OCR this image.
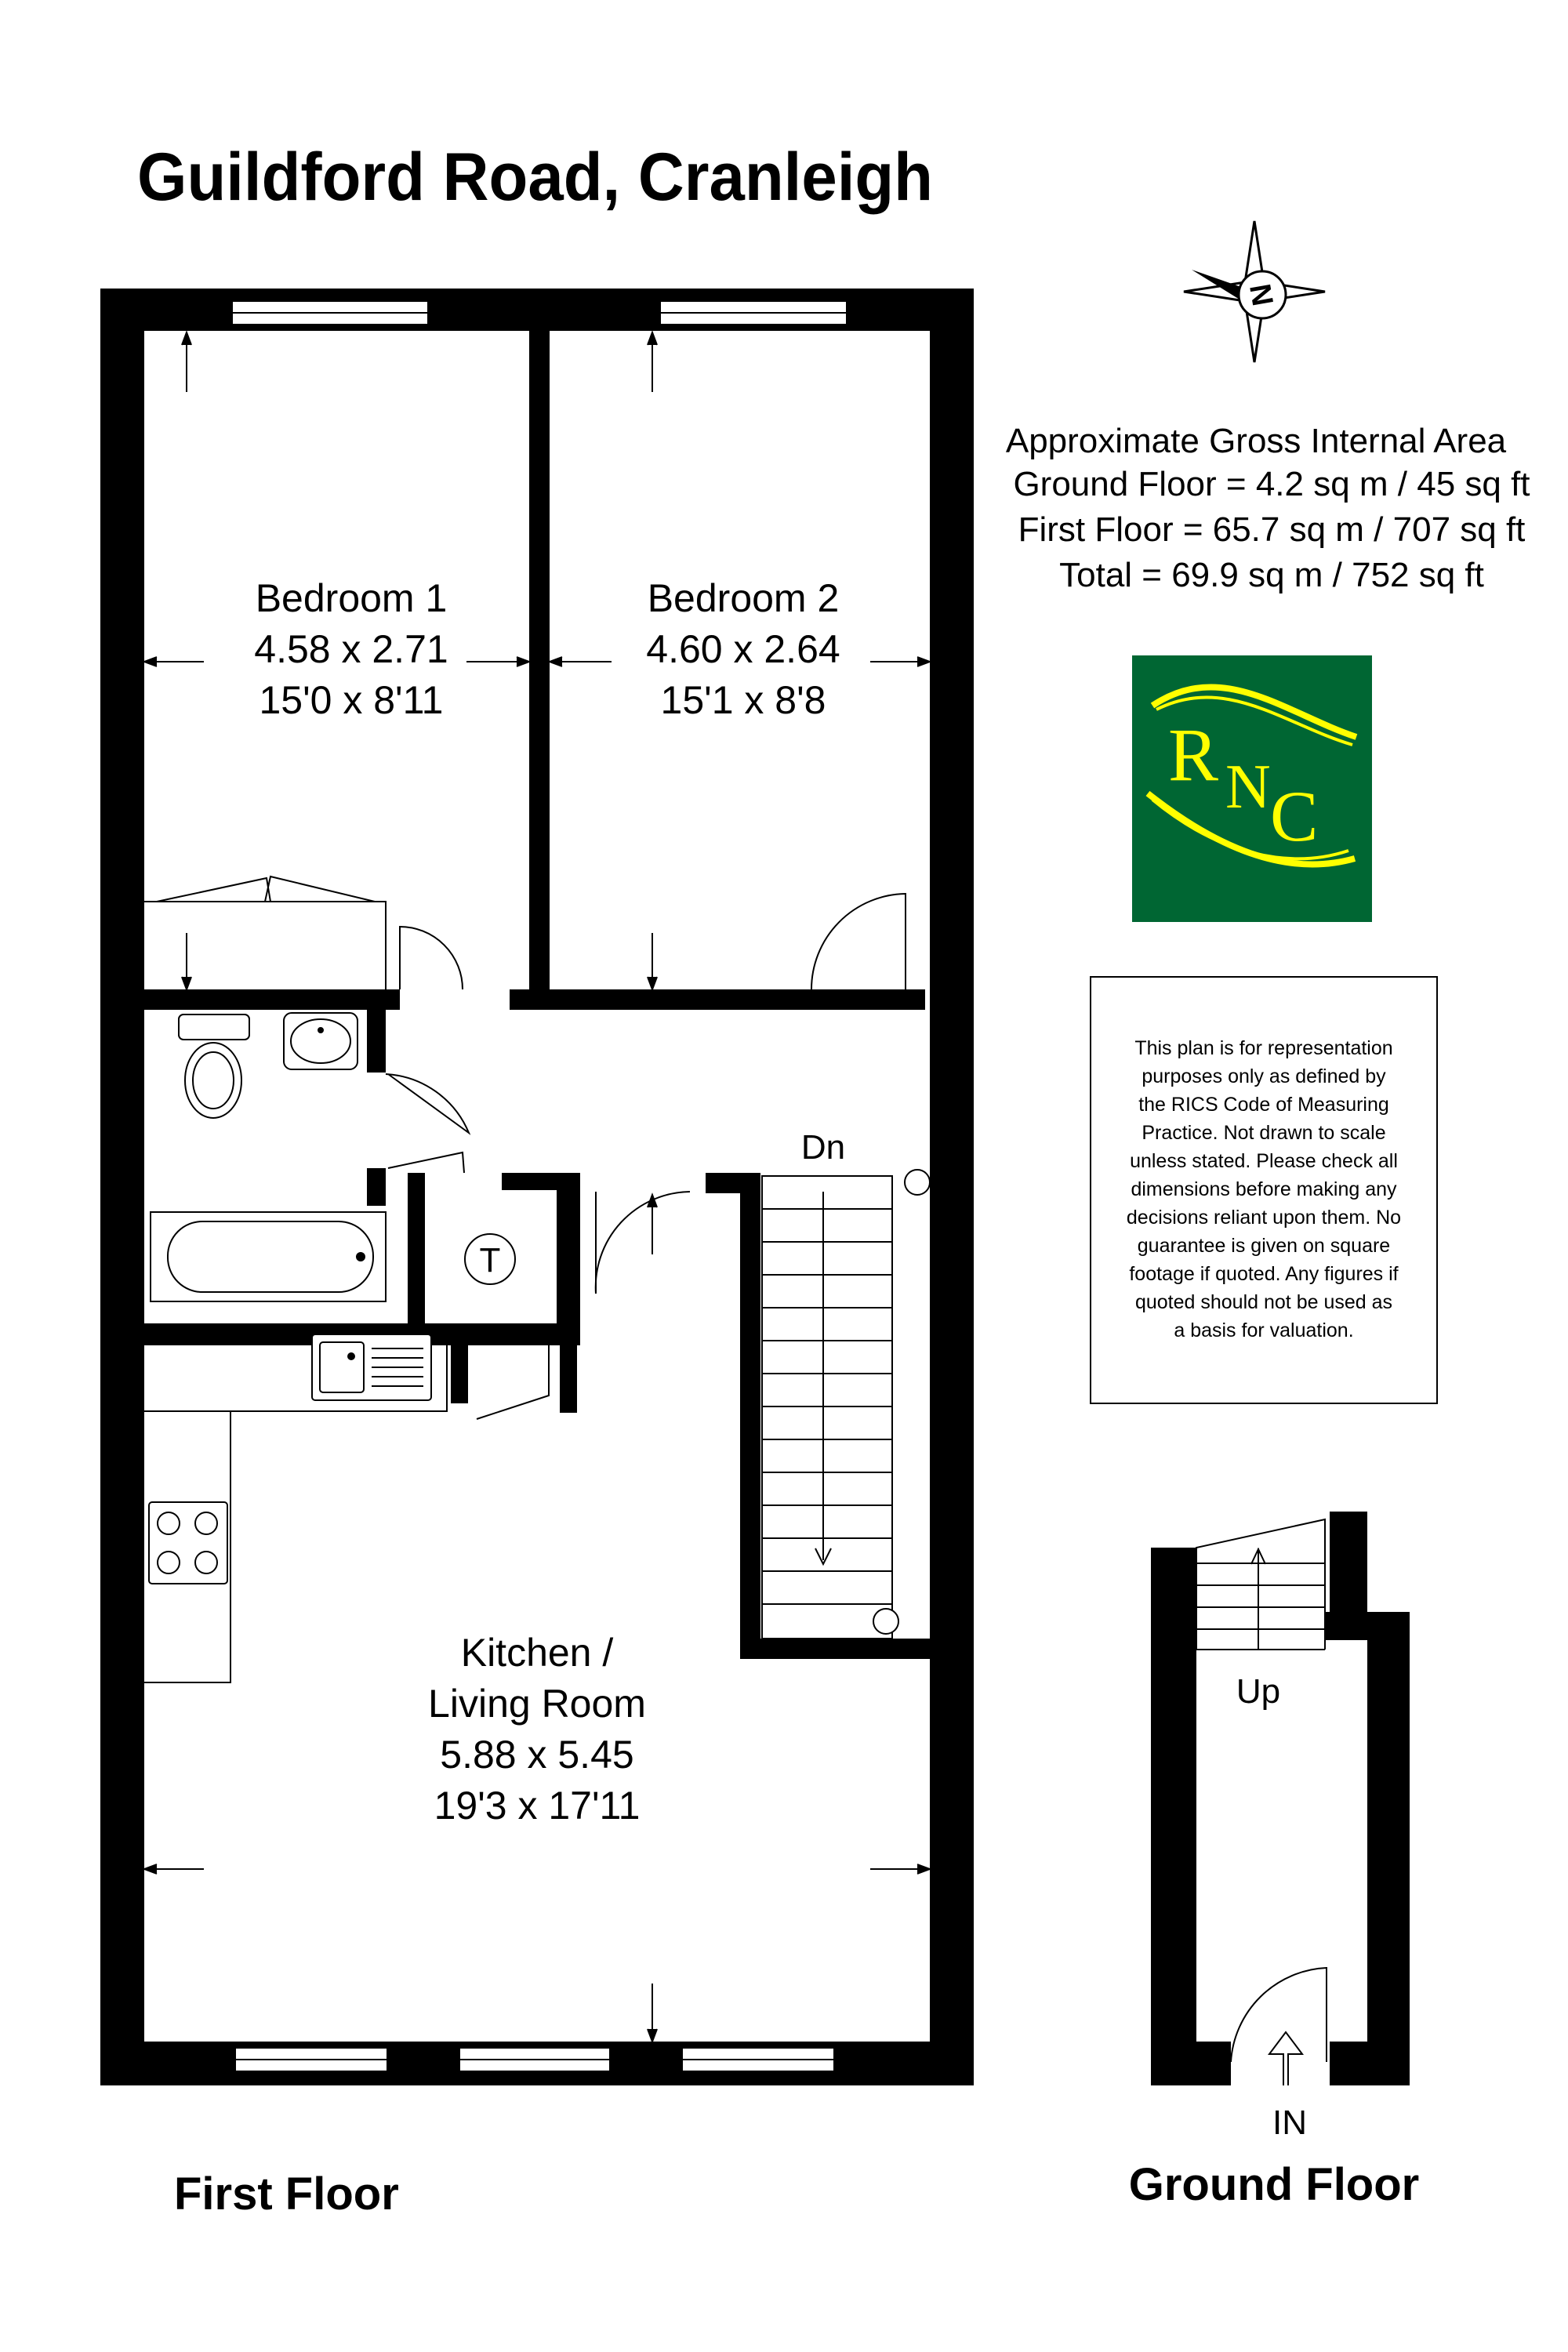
Guildford Road, Cranleigh
N
Approximate Gross Internal Area
Ground Floor = 4.2 sq m / 45 sq ft
First Floor = 65.7 sq m / 707 sq ft
Total = 69.9 sq m / 752 sq ft
R N C
This plan is for representation
purposes only as defined by
the RICS Code of Measuring
Practice. Not drawn to scale
unless stated. Please check all
dimensions before making any
decisions reliant upon them. No
guarantee is given on square
footage if quoted. Any figures if
quoted should not be used as
a basis for valuation.
T
Dn
Bedroom 1
4.58 x 2.71
15'0 x 8'11
Bedroom 2
4.60 x 2.64
15'1 x 8'8
Kitchen /
Living Room
5.88 x 5.45
19'3 x 17'11
First Floor
Up
IN
Ground Floor
